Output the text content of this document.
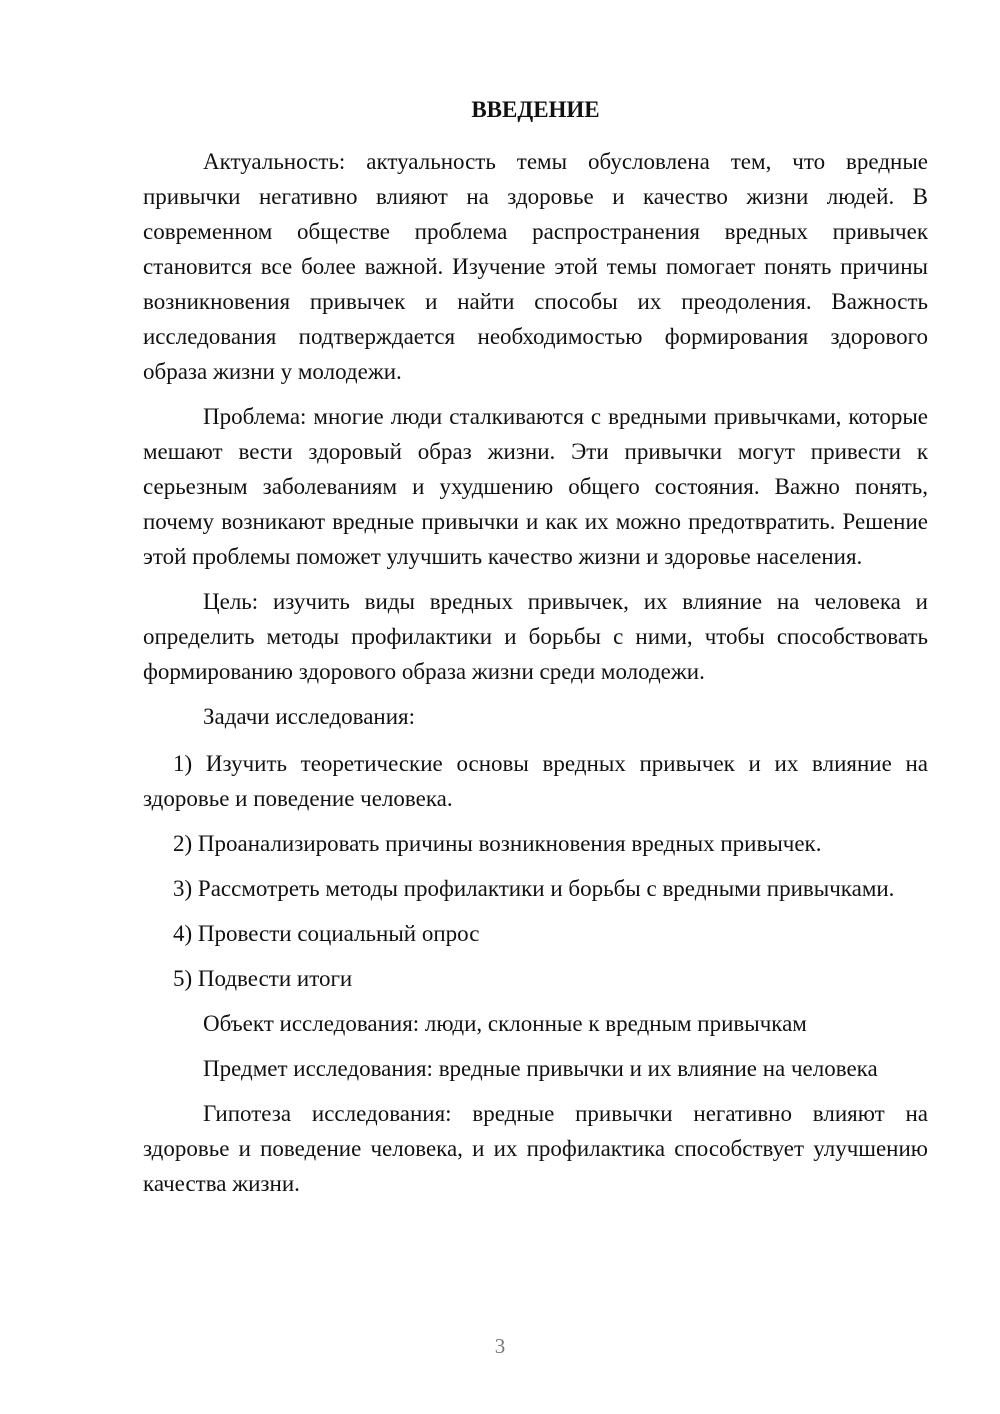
ВВЕДЕНИЕ
Актуальность: актуальность темы обусловлена тем, что вредные привычки негативно влияют на здоровье и качество жизни людей. В современном обществе проблема распространения вредных привычек становится все более важной. Изучение этой темы помогает понять причины возникновения привычек и найти способы их преодоления. Важность исследования подтверждается необходимостью формирования здорового образа жизни у молодежи.
Проблема: многие люди сталкиваются с вредными привычками, которые мешают вести здоровый образ жизни. Эти привычки могут привести к серьезным заболеваниям и ухудшению общего состояния. Важно понять, почему возникают вредные привычки и как их можно предотвратить. Решение этой проблемы поможет улучшить качество жизни и здоровье населения.
Цель: изучить виды вредных привычек, их влияние на человека и определить методы профилактики и борьбы с ними, чтобы способствовать формированию здорового образа жизни среди молодежи.
Задачи исследования:
1) Изучить теоретические основы вредных привычек и их влияние на здоровье и поведение человека.
2) Проанализировать причины возникновения вредных привычек.
3) Рассмотреть методы профилактики и борьбы с вредными привычками.
4) Провести социальный опрос
5) Подвести итоги
Объект исследования: люди, склонные к вредным привычкам
Предмет исследования: вредные привычки и их влияние на человека
Гипотеза исследования: вредные привычки негативно влияют на здоровье и поведение человека, и их профилактика способствует улучшению качества жизни.
3
